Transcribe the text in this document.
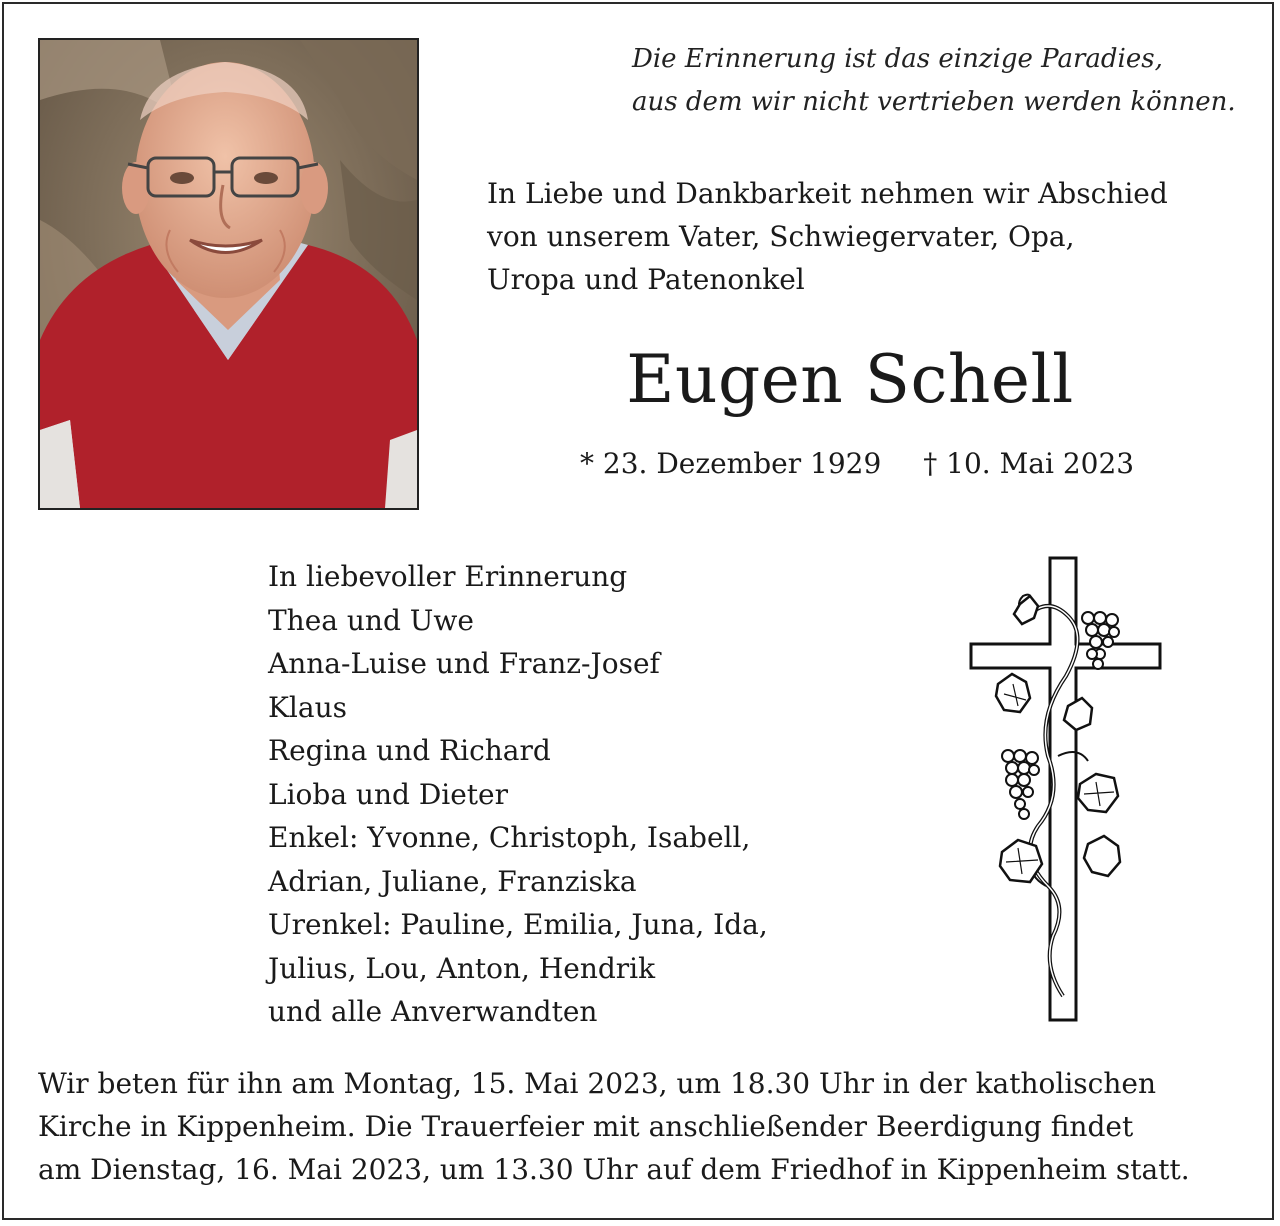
Die Erinnerung ist das einzige Paradies,
aus dem wir nicht vertrieben werden können.
In Liebe und Dankbarkeit nehmen wir Abschied
von unserem Vater, Schwiegervater, Opa,
Uropa und Patenonkel
Eugen Schell
* 23. Dezember 1929 † 10. Mai 2023
In liebevoller Erinnerung
Thea und Uwe
Anna-Luise und Franz-Josef
Klaus
Regina und Richard
Lioba und Dieter
Enkel: Yvonne, Christoph, Isabell,
Adrian, Juliane, Franziska
Urenkel: Pauline, Emilia, Juna, Ida,
Julius, Lou, Anton, Hendrik
und alle Anverwandten
Wir beten für ihn am Montag, 15. Mai 2023, um 18.30 Uhr in der katholischen
Kirche in Kippenheim. Die Trauerfeier mit anschließender Beerdigung findet
am Dienstag, 16. Mai 2023, um 13.30 Uhr auf dem Friedhof in Kippenheim statt.
